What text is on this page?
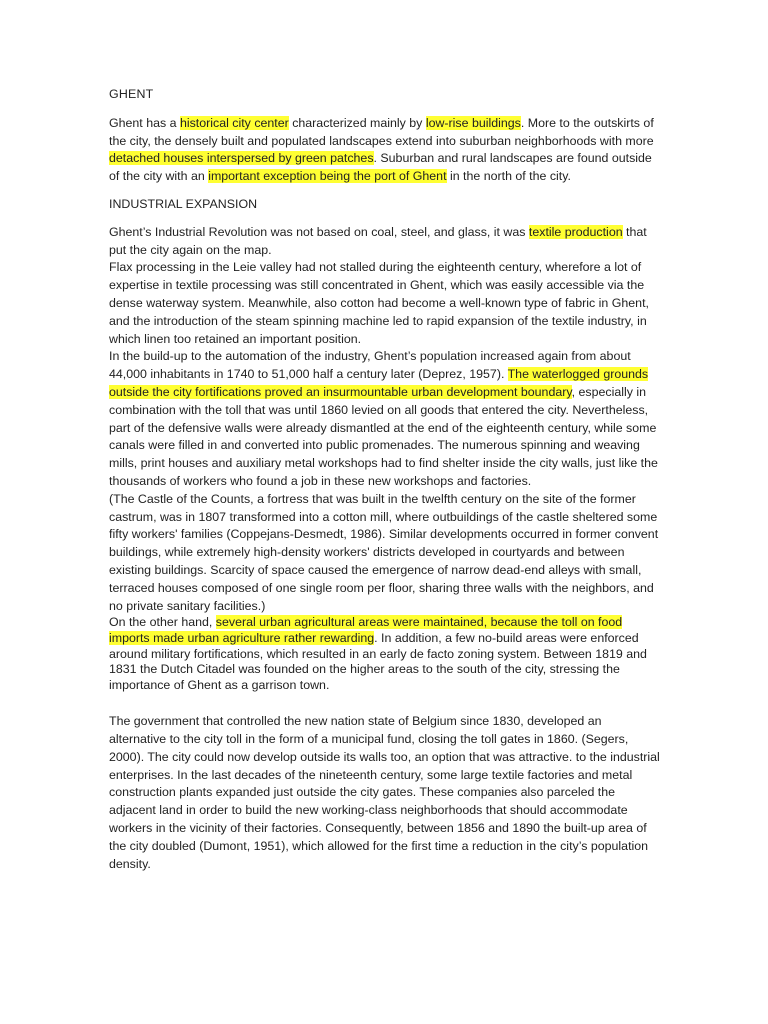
GHENT

Ghent has a historical city center characterized mainly by low-rise buildings. More to the outskirts of the city, the densely built and populated landscapes extend into suburban neighborhoods with more detached houses interspersed by green patches. Suburban and rural landscapes are found outside of the city with an important exception being the port of Ghent in the north of the city.

INDUSTRIAL EXPANSION

Ghent’s Industrial Revolution was not based on coal, steel, and glass, it was textile production that put the city again on the map.

Flax processing in the Leie valley had not stalled during the eighteenth century, wherefore a lot of expertise in textile processing was still concentrated in Ghent, which was easily accessible via the dense waterway system. Meanwhile, also cotton had become a well-known type of fabric in Ghent, and the introduction of the steam spinning machine led to rapid expansion of the textile industry, in which linen too retained an important position.

In the build-up to the automation of the industry, Ghent’s population increased again from about 44,000 inhabitants in 1740 to 51,000 half a century later (Deprez, 1957). The waterlogged grounds outside the city fortifications proved an insurmountable urban development boundary, especially in combination with the toll that was until 1860 levied on all goods that entered the city. Nevertheless, part of the defensive walls were already dismantled at the end of the eighteenth century, while some canals were filled in and converted into public promenades. The numerous spinning and weaving mills, print houses and auxiliary metal workshops had to find shelter inside the city walls, just like the thousands of workers who found a job in these new workshops and factories.

(The Castle of the Counts, a fortress that was built in the twelfth century on the site of the former castrum, was in 1807 transformed into a cotton mill, where outbuildings of the castle sheltered some fifty workers' families (Coppejans-Desmedt, 1986). Similar developments occurred in former convent buildings, while extremely high-density workers' districts developed in courtyards and between existing buildings. Scarcity of space caused the emergence of narrow dead-end alleys with small, terraced houses composed of one single room per floor, sharing three walls with the neighbors, and no private sanitary facilities.)

On the other hand, several urban agricultural areas were maintained, because the toll on food imports made urban agriculture rather rewarding. In addition, a few no-build areas were enforced around military fortifications, which resulted in an early de facto zoning system. Between 1819 and 1831 the Dutch Citadel was founded on the higher areas to the south of the city, stressing the importance of Ghent as a garrison town.

The government that controlled the new nation state of Belgium since 1830, developed an alternative to the city toll in the form of a municipal fund, closing the toll gates in 1860. (Segers, 2000). The city could now develop outside its walls too, an option that was attractive. to the industrial enterprises. In the last decades of the nineteenth century, some large textile factories and metal construction plants expanded just outside the city gates. These companies also parceled the adjacent land in order to build the new working-class neighborhoods that should accommodate workers in the vicinity of their factories. Consequently, between 1856 and 1890 the built-up area of the city doubled (Dumont, 1951), which allowed for the first time a reduction in the city’s population density.
